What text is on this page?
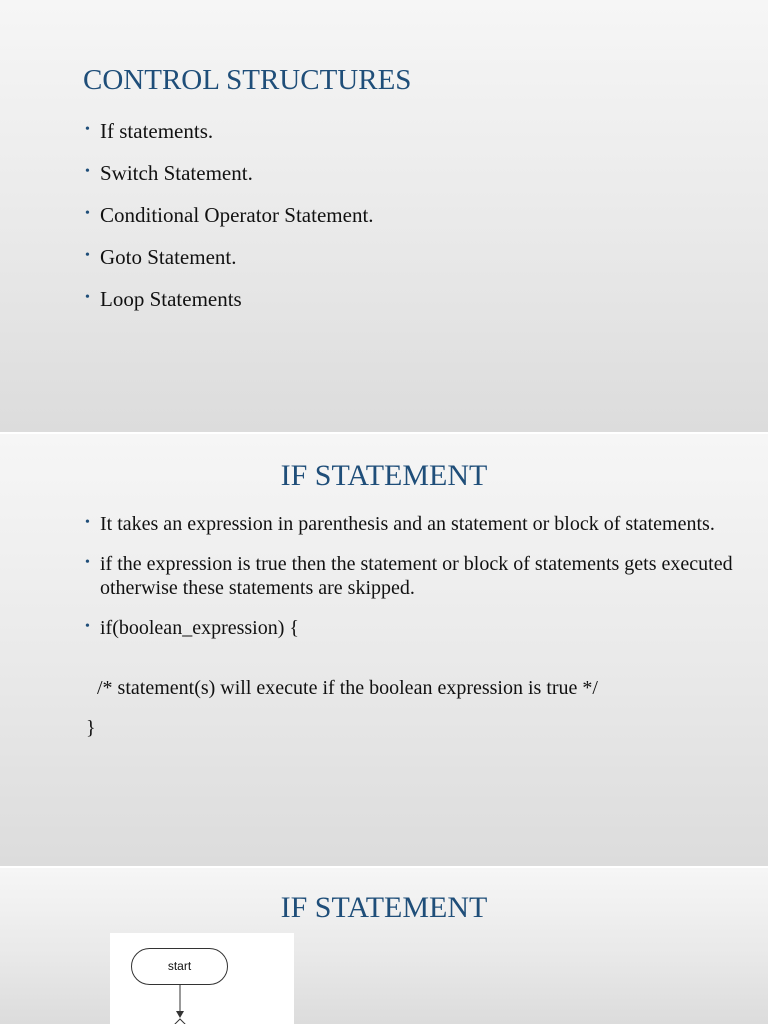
CONTROL STRUCTURES
• If statements.
• Switch Statement.
• Conditional Operator Statement.
• Goto Statement.
• Loop Statements
IF STATEMENT
• It takes an expression in parenthesis and an statement or block of statements.
• if the expression is true then the statement or block of statements gets executed otherwise these statements are skipped.
• if(boolean_expression) {

/* statement(s) will execute if the boolean expression is true */

}

IF STATEMENT
start
